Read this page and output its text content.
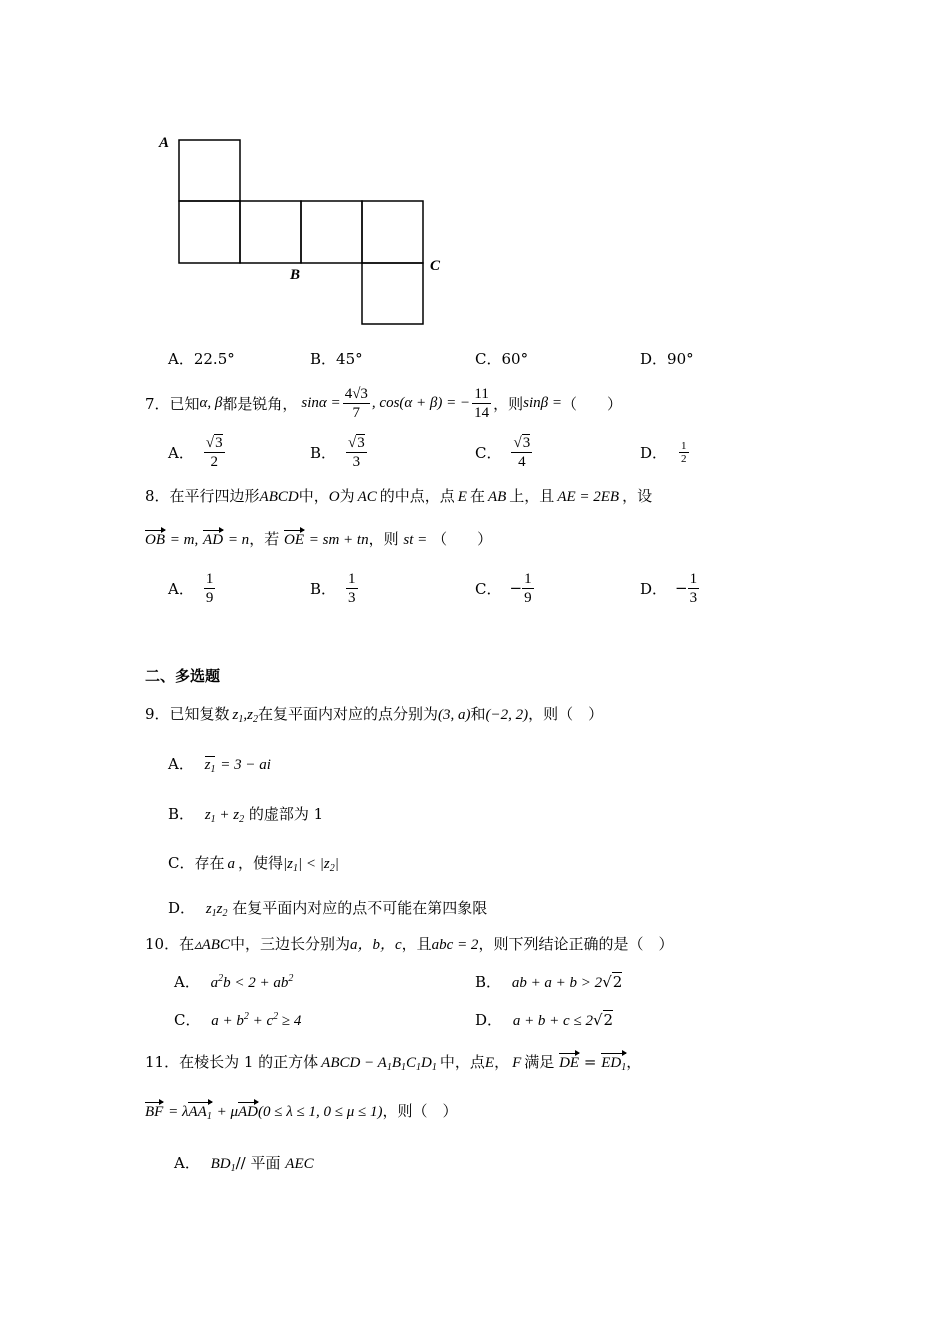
A
B
C
A．22.5°	B．45°	C．60°	D．90°
7．已知 α, β 都是锐角， $\sin\alpha = \frac{4√3}{7}$ , cos(α + β) = − $\frac{11}{14}$ ，则 sinβ = （　　）
A． $\frac{√3}{2}$	B． $\frac{√3}{3}$	C． $\frac{√3}{4}$	D． $\frac{1}{2}$
8．在平行四边形ABCD中，O为 AC 的中点，点 E 在 AB 上，且 AE = 2EB ，设
OB = m, AD = n，若 OE = sm + tn，则 st = （　　）
A． $\frac{1}{9}$	B． $\frac{1}{3}$	C． − $\frac{1}{9}$	D． − $\frac{1}{3}$
二、多选题
9．已知复数 $z_1,z_2$在复平面内对应的点分别为(3, a)和(−2, 2)，则（　）
A． $z_1 = 3$ − ai
B． $z_1 + z_2$ 的虚部为 1
C．存在 a ，使得$|z_1| < |z_2|$
D． $z_1z_2$ 在复平面内对应的点不可能在第四象限
10．在▵ABC中，三边长分别为a，b，c，且abc = 2，则下列结论正确的是（　）
A． $a^2b < 2 + ab^2$	B． ab + a + b > 2√2
C． $a + b^2 + c^2 \ge 4$	D． a + b + c ≤ 2√2
11．在棱长为 1 的正方体 ABCD − $A_1B_1C_1D_1$ 中，点E， F 满足 DE = $ED_1$，
BF = λAA$_1$ + μAD(0 ≤ λ ≤ 1, 0 ≤ μ ≤ 1)，则（　）
A． $BD_1//$ 平面 AEC
